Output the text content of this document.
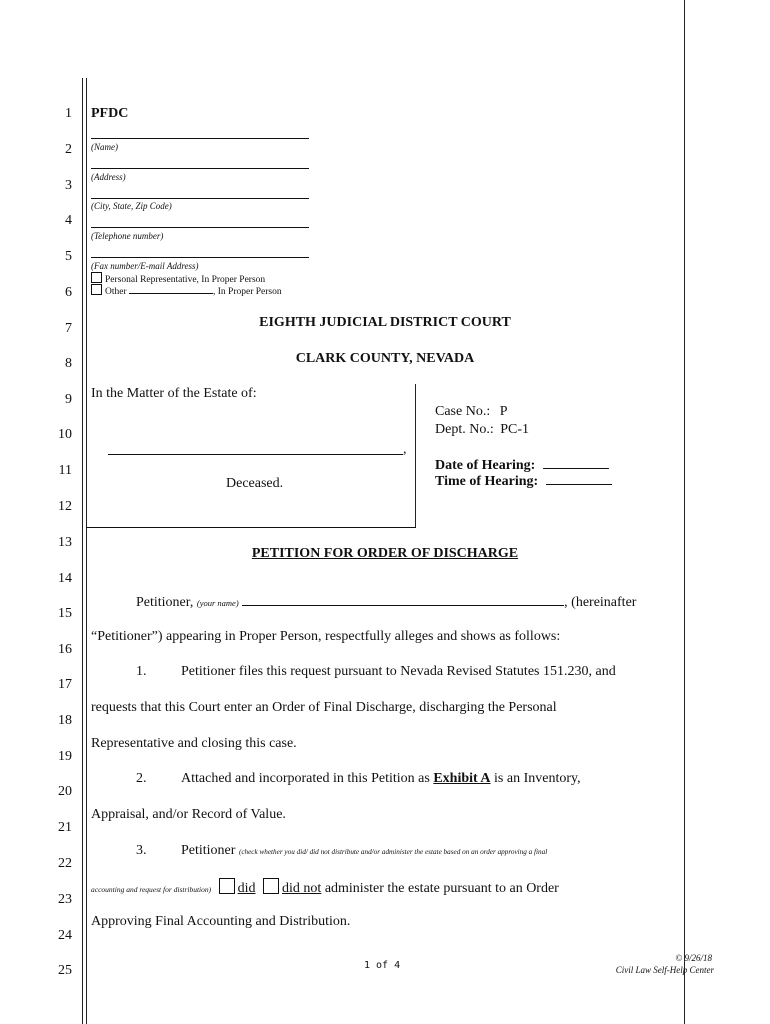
1
2
3
4
5
6
7
8
9
10
11
12
13
14
15
16
17
18
19
20
21
22
23
24
25
PFDC
(Name)
(Address)
(City, State, Zip Code)
(Telephone number)
(Fax number/E-mail Address)
Personal Representative, In Proper Person
Other	, In Proper Person
EIGHTH JUDICIAL DISTRICT COURT
CLARK COUNTY, NEVADA
In the Matter of the Estate of:
,
Deceased.
Case No.: P
Dept. No.: PC-1
Date of Hearing:
Time of Hearing:
PETITION FOR ORDER OF DISCHARGE
Petitioner, (your name)	, (hereinafter
“Petitioner”) appearing in Proper Person, respectfully alleges and shows as follows:
1. Petitioner files this request pursuant to Nevada Revised Statutes 151.230, and
requests that this Court enter an Order of Final Discharge, discharging the Personal
Representative and closing this case.
2. Attached and incorporated in this Petition as Exhibit A is an Inventory,
Appraisal, and/or Record of Value.
3. Petitioner (check whether you did/ did not distribute and/or administer the estate based on an order approving a final
accounting and request for distribution) did did not administer the estate pursuant to an Order
Approving Final Accounting and Distribution.
1 of 4
© 9/26/18
Civil Law Self-Help Center
